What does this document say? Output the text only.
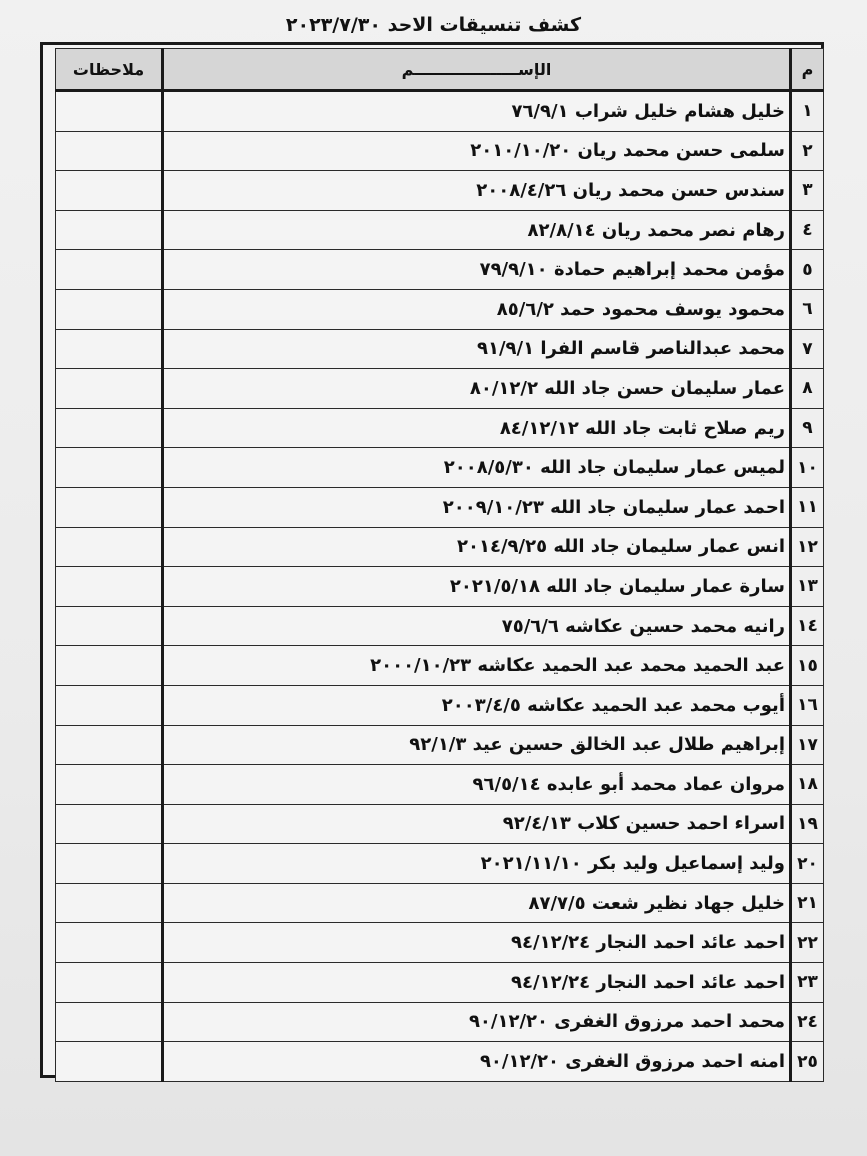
كشف تنسيقات الاحد ٢٠٢٣/٧/٣٠
م	الإســـــــــــــــــــم	ملاحظات
١	خليل هشام خليل شراب ٧٦/٩/١	
٢	سلمى حسن محمد ريان ٢٠١٠/١٠/٢٠	
٣	سندس حسن محمد ريان ٢٠٠٨/٤/٢٦	
٤	رهام نصر محمد ريان ٨٢/٨/١٤	
٥	مؤمن محمد إبراهيم حمادة ٧٩/٩/١٠	
٦	محمود يوسف محمود حمد ٨٥/٦/٢	
٧	محمد عبدالناصر قاسم الفرا ٩١/٩/١	
٨	عمار سليمان حسن جاد الله ٨٠/١٢/٢	
٩	ريم صلاح ثابت جاد الله ٨٤/١٢/١٢	
١٠	لميس عمار سليمان جاد الله ٢٠٠٨/٥/٣٠	
١١	احمد عمار سليمان جاد الله ٢٠٠٩/١٠/٢٣	
١٢	انس عمار سليمان جاد الله ٢٠١٤/٩/٢٥	
١٣	سارة عمار سليمان جاد الله ٢٠٢١/٥/١٨	
١٤	رانيه محمد حسين عكاشه ٧٥/٦/٦	
١٥	عبد الحميد محمد عبد الحميد عكاشه ٢٠٠٠/١٠/٢٣	
١٦	أيوب محمد عبد الحميد عكاشه ٢٠٠٣/٤/٥	
١٧	إبراهيم طلال عبد الخالق حسين عيد ٩٢/١/٣	
١٨	مروان عماد محمد أبو عابده ٩٦/٥/١٤	
١٩	اسراء احمد حسين كلاب ٩٢/٤/١٣	
٢٠	وليد إسماعيل وليد بكر ٢٠٢١/١١/١٠	
٢١	خليل جهاد نظير شعت ٨٧/٧/٥	
٢٢	احمد عائد احمد النجار ٩٤/١٢/٢٤	
٢٣	احمد عائد احمد النجار ٩٤/١٢/٢٤	
٢٤	محمد احمد مرزوق الغفرى ٩٠/١٢/٢٠	
٢٥	امنه احمد مرزوق الغفرى ٩٠/١٢/٢٠	
